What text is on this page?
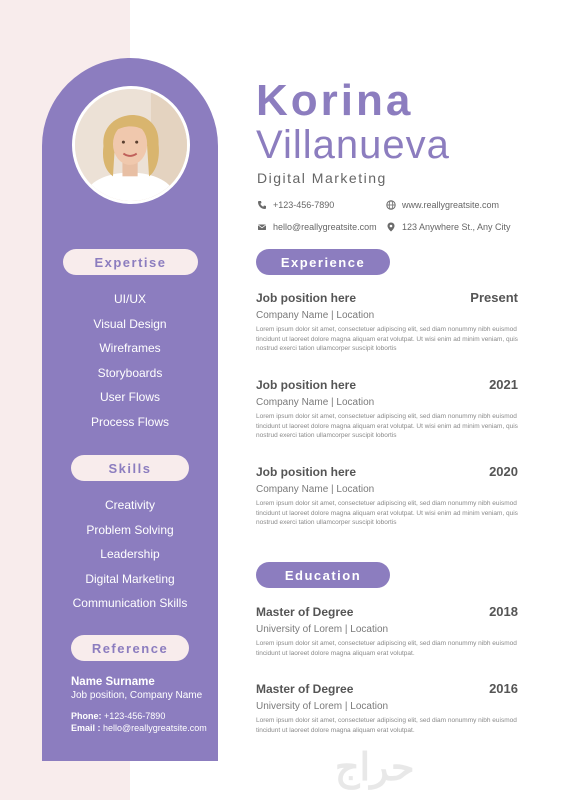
Expertise
UI/UX
Visual Design
Wireframes
Storyboards
User Flows
Process Flows
Skills
Creativity
Problem Solving
Leadership
Digital Marketing
Communication Skills
Reference
Name Surname
Job position, Company Name
Phone: +123-456-7890
Email : hello@reallygreatsite.com
Korina
Villanueva
Digital Marketing
+123-456-7890	www.reallygreatsite.com
hello@reallygreatsite.com	123 Anywhere St., Any City
Experience
Job position here	Present
Company Name | Location
Lorem ipsum dolor sit amet, consectetuer adipiscing elit, sed diam nonummy nibh euismod tincidunt ut laoreet dolore magna aliquam erat volutpat. Ut wisi enim ad minim veniam, quis nostrud exerci tation ullamcorper suscipit lobortis
Job position here	2021
Company Name | Location
Lorem ipsum dolor sit amet, consectetuer adipiscing elit, sed diam nonummy nibh euismod tincidunt ut laoreet dolore magna aliquam erat volutpat. Ut wisi enim ad minim veniam, quis nostrud exerci tation ullamcorper suscipit lobortis
Job position here	2020
Company Name | Location
Lorem ipsum dolor sit amet, consectetuer adipiscing elit, sed diam nonummy nibh euismod tincidunt ut laoreet dolore magna aliquam erat volutpat. Ut wisi enim ad minim veniam, quis nostrud exerci tation ullamcorper suscipit lobortis
Education
Master of Degree	2018
University of Lorem | Location
Lorem ipsum dolor sit amet, consectetuer adipiscing elit, sed diam nonummy nibh euismod tincidunt ut laoreet dolore magna aliquam erat volutpat.
Master of Degree	2016
University of Lorem | Location
Lorem ipsum dolor sit amet, consectetuer adipiscing elit, sed diam nonummy nibh euismod tincidunt ut laoreet dolore magna aliquam erat volutpat.
حراج
